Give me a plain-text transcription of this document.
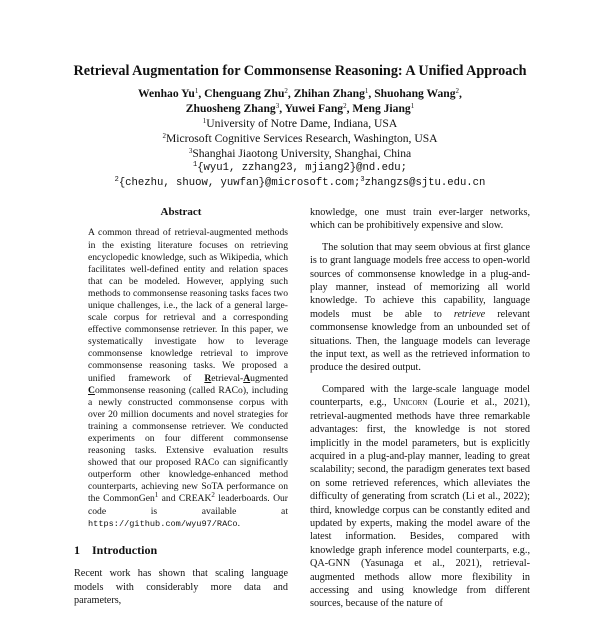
Retrieval Augmentation for Commonsense Reasoning: A Unified Approach
Wenhao Yu$^1$, Chenguang Zhu$^2$, Zhihan Zhang$^1$, Shuohang Wang$^2$,
Zhuosheng Zhang$^3$, Yuwei Fang$^2$, Meng Jiang$^1$
$^1$University of Notre Dame, Indiana, USA
$^2$Microsoft Cognitive Services Research, Washington, USA
$^3$Shanghai Jiaotong University, Shanghai, China
$^1${wyu1, zzhang23, mjiang2}@nd.edu;
$^2${chezhu, shuow, yuwfan}@microsoft.com;$^3$zhangzs@sjtu.edu.cn
Abstract
A common thread of retrieval-augmented methods in the existing literature focuses on retrieving encyclopedic knowledge, such as Wikipedia, which facilitates well-defined entity and relation spaces that can be modeled. However, applying such methods to commonsense reasoning tasks faces two unique challenges, i.e., the lack of a general large-scale corpus for retrieval and a corresponding effective commonsense retriever. In this paper, we systematically investigate how to leverage commonsense knowledge retrieval to improve commonsense reasoning tasks. We proposed a unified framework of Retrieval-Augmented Commonsense reasoning (called RACo), including a newly constructed commonsense corpus with over 20 million documents and novel strategies for training a commonsense retriever. We conducted experiments on four different commonsense reasoning tasks. Extensive evaluation results showed that our proposed RACo can significantly outperform other knowledge-enhanced method counterparts, achieving new SoTA performance on the CommonGen$^1$ and CREAK$^2$ leaderboards. Our code is available at https://github.com/wyu97/RACo.
1 Introduction
Recent work has shown that scaling language models with considerably more data and parameters,
knowledge, one must train ever-larger networks, which can be prohibitively expensive and slow.
The solution that may seem obvious at first glance is to grant language models free access to open-world sources of commonsense knowledge in a plug-and-play manner, instead of memorizing all world knowledge. To achieve this capability, language models must be able to retrieve relevant commonsense knowledge from an unbounded set of situations. Then, the language models can leverage the input text, as well as the retrieved information to produce the desired output.
Compared with the large-scale language model counterparts, e.g., Unicorn (Lourie et al., 2021), retrieval-augmented methods have three remarkable advantages: first, the knowledge is not stored implicitly in the model parameters, but is explicitly acquired in a plug-and-play manner, leading to great scalability; second, the paradigm generates text based on some retrieved references, which alleviates the difficulty of generating from scratch (Li et al., 2022); third, knowledge corpus can be constantly edited and updated by experts, making the model aware of the latest information. Besides, compared with knowledge graph inference model counterparts, e.g., QA-GNN (Yasunaga et al., 2021), retrieval-augmented methods allow more flexibility in accessing and using knowledge from different sources, because of the nature of
